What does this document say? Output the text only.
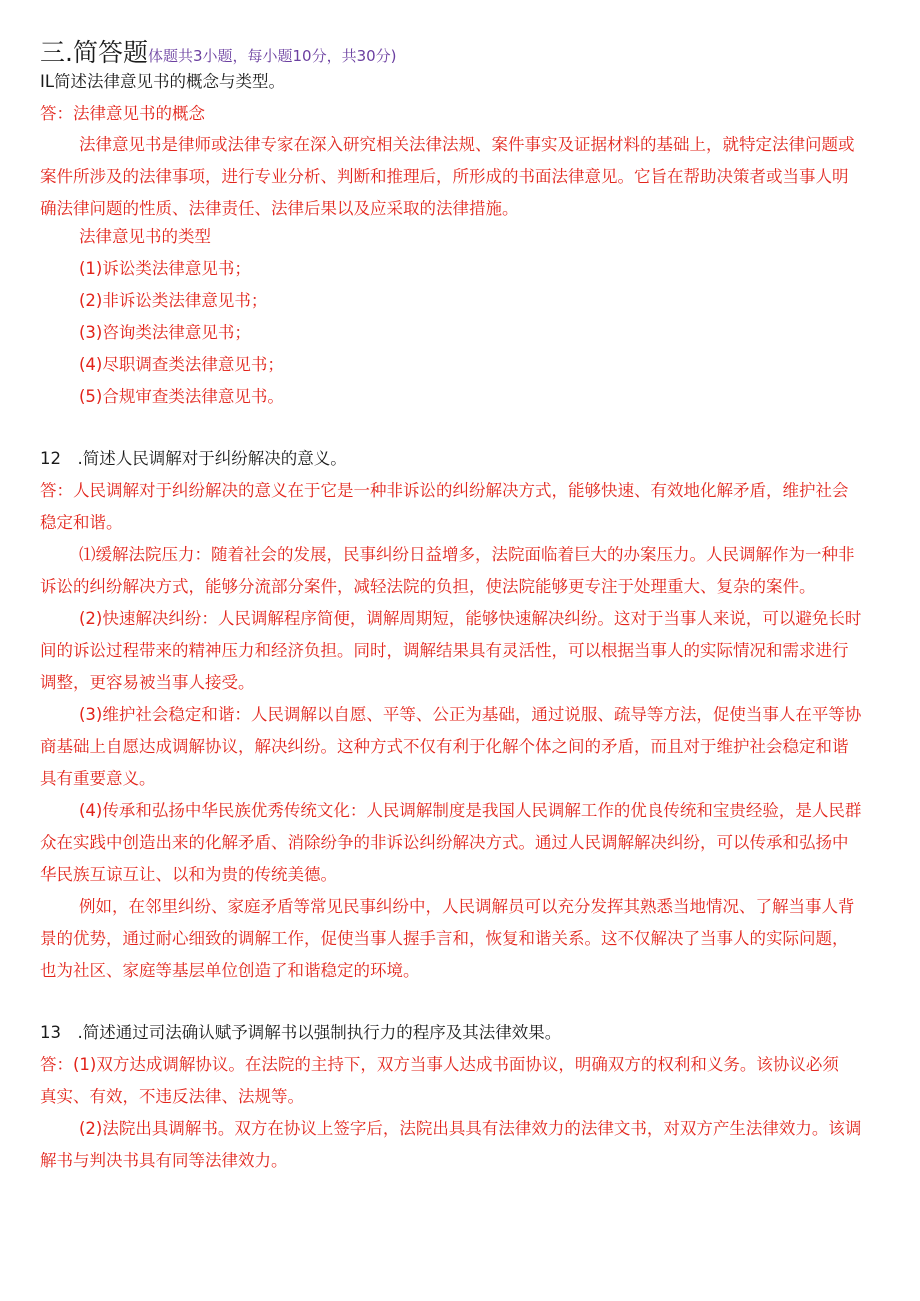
三.简答题体题共3小题，每小题10分，共30分)
IL简述法律意见书的概念与类型。
答：法律意见书的概念
法律意见书是律师或法律专家在深入研究相关法律法规、案件事实及证据材料的基础上，就特定法律问题或
案件所涉及的法律事项，进行专业分析、判断和推理后，所形成的书面法律意见。它旨在帮助决策者或当事人明
确法律问题的性质、法律责任、法律后果以及应采取的法律措施。
法律意见书的类型
(1)诉讼类法律意见书；
(2)非诉讼类法律意见书；
(3)咨询类法律意见书；
(4)尽职调查类法律意见书；
(5)合规审查类法律意见书。
12　.简述人民调解对于纠纷解决的意义。
答：人民调解对于纠纷解决的意义在于它是一种非诉讼的纠纷解决方式，能够快速、有效地化解矛盾，维护社会
稳定和谐。
⑴缓解法院压力：随着社会的发展，民事纠纷日益增多，法院面临着巨大的办案压力。人民调解作为一种非
诉讼的纠纷解决方式，能够分流部分案件，减轻法院的负担，使法院能够更专注于处理重大、复杂的案件。
(2)快速解决纠纷：人民调解程序简便，调解周期短，能够快速解决纠纷。这对于当事人来说，可以避免长时
间的诉讼过程带来的精神压力和经济负担。同时，调解结果具有灵活性，可以根据当事人的实际情况和需求进行
调整，更容易被当事人接受。
(3)维护社会稳定和谐：人民调解以自愿、平等、公正为基础，通过说服、疏导等方法，促使当事人在平等协
商基础上自愿达成调解协议，解决纠纷。这种方式不仅有利于化解个体之间的矛盾，而且对于维护社会稳定和谐
具有重要意义。
(4)传承和弘扬中华民族优秀传统文化：人民调解制度是我国人民调解工作的优良传统和宝贵经验，是人民群
众在实践中创造出来的化解矛盾、消除纷争的非诉讼纠纷解决方式。通过人民调解解决纠纷，可以传承和弘扬中
华民族互谅互让、以和为贵的传统美德。
例如，在邻里纠纷、家庭矛盾等常见民事纠纷中，人民调解员可以充分发挥其熟悉当地情况、了解当事人背
景的优势，通过耐心细致的调解工作，促使当事人握手言和，恢复和谐关系。这不仅解决了当事人的实际问题，
也为社区、家庭等基层单位创造了和谐稳定的环境。
13　.简述通过司法确认赋予调解书以强制执行力的程序及其法律效果。
答：(1)双方达成调解协议。在法院的主持下，双方当事人达成书面协议，明确双方的权利和义务。该协议必须
真实、有效，不违反法律、法规等。
(2)法院出具调解书。双方在协议上签字后，法院出具具有法律效力的法律文书，对双方产生法律效力。该调
解书与判决书具有同等法律效力。
